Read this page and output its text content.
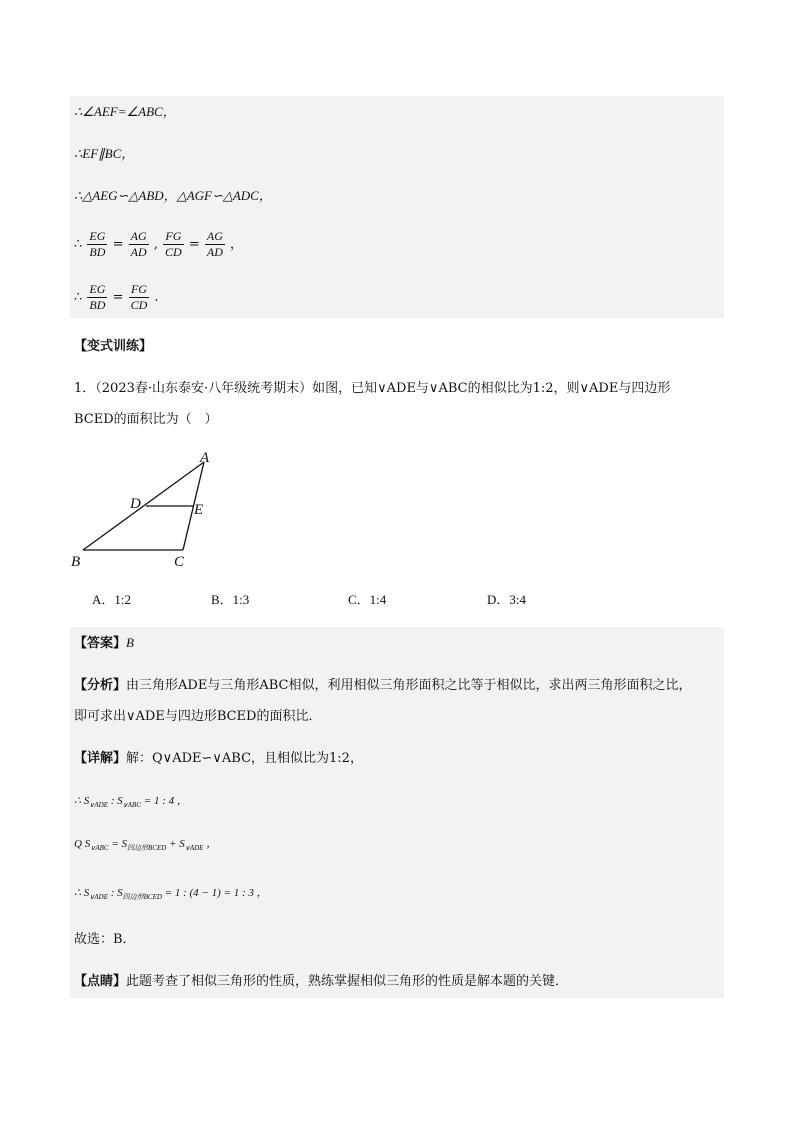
∴∠AEF=∠ABC，
∴EF∥BC，
∴△AEG∽△ABD，△AGF∽△ADC，
∴ $\frac{EG}{BD} = \frac{AG}{AD}$ , $\frac{FG}{CD} = \frac{AG}{AD}$ ，
∴ $\frac{EG}{BD} = \frac{FG}{CD}$ .
【变式训练】
1．（2023春·山东泰安·八年级统考期末）如图，已知∨ADE与∨ABC的相似比为1:2，则∨ADE与四边形
BCED的面积比为（　）
A
B	C
D	E
A．1:2	B．1:3	C．1:4	D．3:4
【答案】B
【分析】由三角形ADE与三角形ABC相似，利用相似三角形面积之比等于相似比，求出两三角形面积之比，
即可求出∨ADE与四边形BCED的面积比．
【详解】解：Q∨ADE∽∨ABC，且相似比为1:2，
∴ $S_{\vee ADE}$ : $S_{\vee ABC} = 1$ : 4 ，
Q $S_{\vee ABC} = S_{四边形BCED} + S_{\vee ADE}$ ，
∴ $S_{\vee ADE}$ : $S_{四边形BCED} = 1$ : (4 − 1) = 1 : 3 ，
故选：B．
【点睛】此题考查了相似三角形的性质，熟练掌握相似三角形的性质是解本题的关键．
